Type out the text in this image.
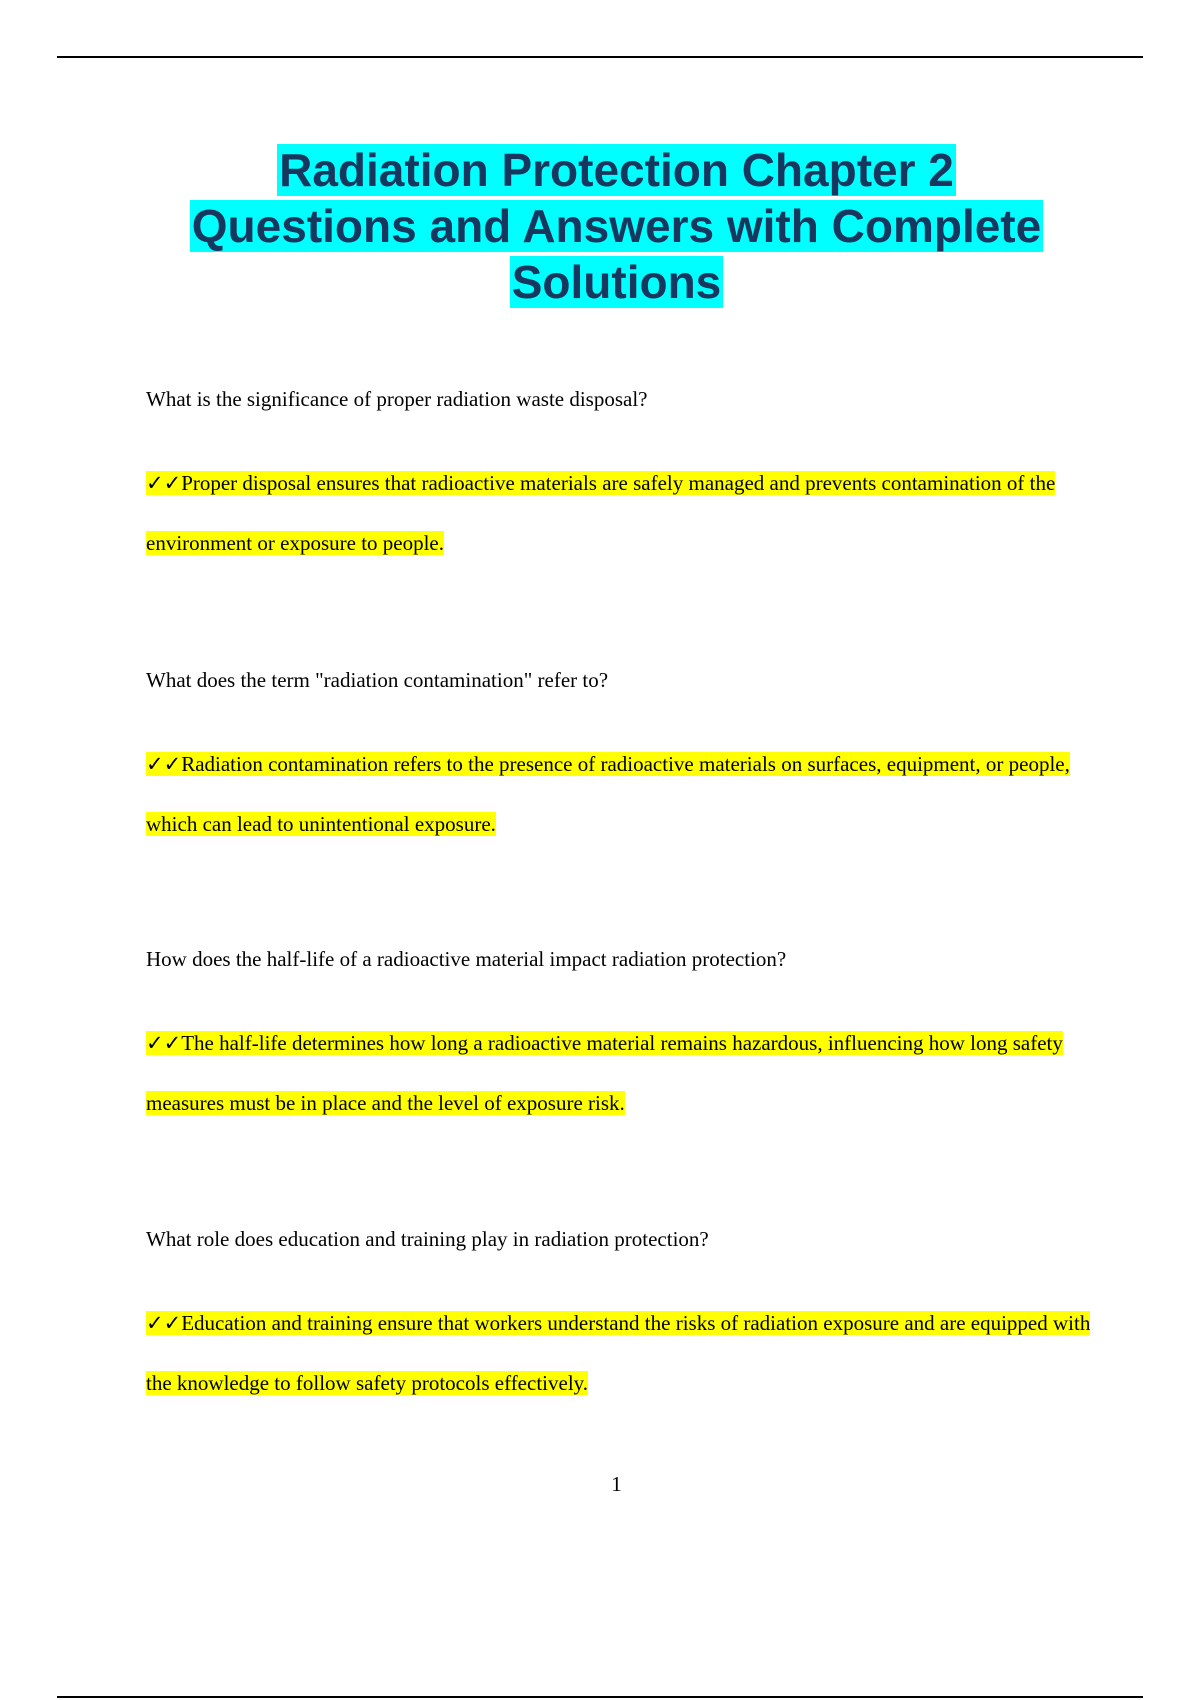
Radiation Protection Chapter 2
Questions and Answers with Complete
Solutions

What is the significance of proper radiation waste disposal?

✓✓Proper disposal ensures that radioactive materials are safely managed and prevents contamination of the environment or exposure to people.

What does the term "radiation contamination" refer to?

✓✓Radiation contamination refers to the presence of radioactive materials on surfaces, equipment, or people, which can lead to unintentional exposure.

How does the half-life of a radioactive material impact radiation protection?

✓✓The half-life determines how long a radioactive material remains hazardous, influencing how long safety measures must be in place and the level of exposure risk.

What role does education and training play in radiation protection?

✓✓Education and training ensure that workers understand the risks of radiation exposure and are equipped with the knowledge to follow safety protocols effectively.

1
